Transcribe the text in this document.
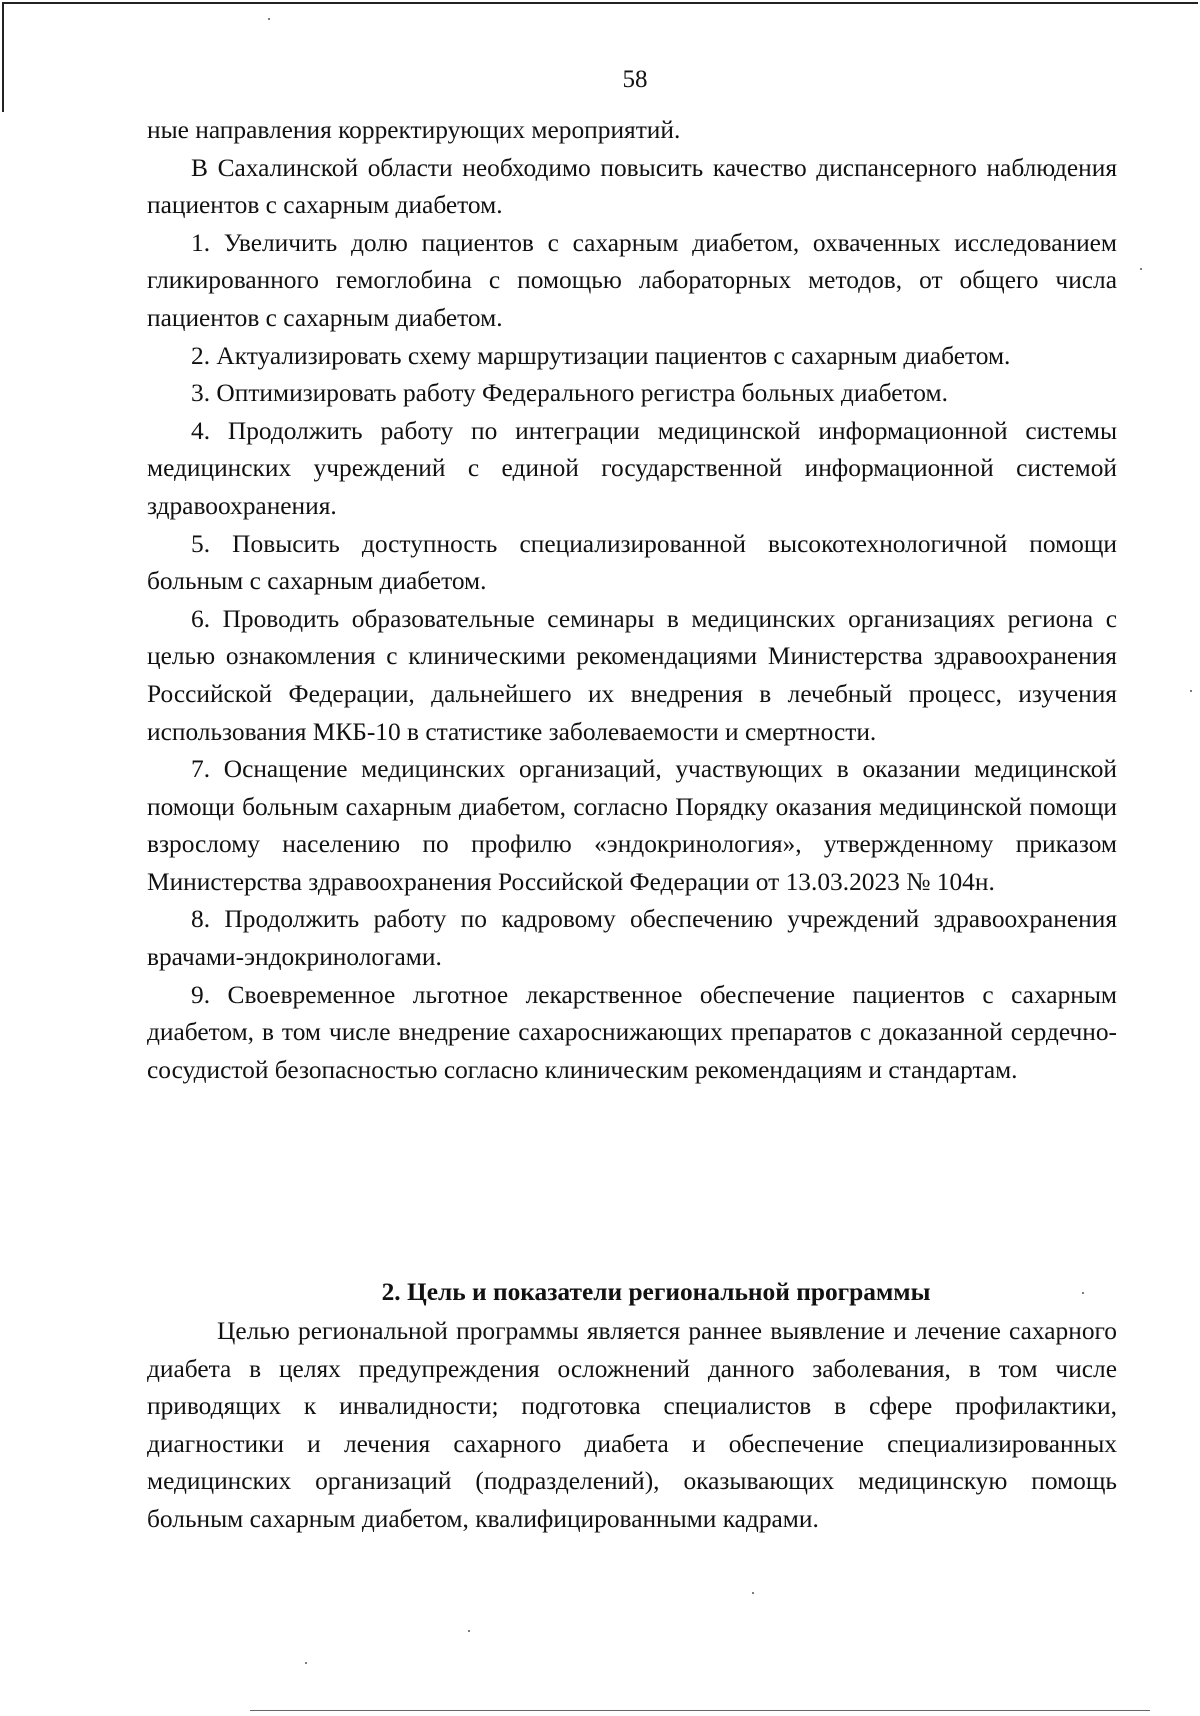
58

ные направления корректирующих мероприятий.

В Сахалинской области необходимо повысить качество диспансерного наблюдения пациентов с сахарным диабетом.

1. Увеличить долю пациентов с сахарным диабетом, охваченных исследованием гликированного гемоглобина с помощью лабораторных методов, от общего числа пациентов с сахарным диабетом.

2. Актуализировать схему маршрутизации пациентов с сахарным диабетом.

3. Оптимизировать работу Федерального регистра больных диабетом.

4. Продолжить работу по интеграции медицинской информационной системы медицинских учреждений с единой государственной информационной системой здравоохранения.

5. Повысить доступность специализированной высокотехнологичной помощи больным с сахарным диабетом.

6. Проводить образовательные семинары в медицинских организациях региона с целью ознакомления с клиническими рекомендациями Министерства здравоохранения Российской Федерации, дальнейшего их внедрения в лечебный процесс, изучения использования МКБ-10 в статистике заболеваемости и смертности.

7. Оснащение медицинских организаций, участвующих в оказании медицинской помощи больным сахарным диабетом, согласно Порядку оказания медицинской помощи взрослому населению по профилю «эндокринология», утвержденному приказом Министерства здравоохранения Российской Федерации от 13.03.2023 № 104н.

8. Продолжить работу по кадровому обеспечению учреждений здравоохранения врачами-эндокринологами.

9. Своевременное льготное лекарственное обеспечение пациентов с сахарным диабетом, в том числе внедрение сахароснижающих препаратов с доказанной сердечно-сосудистой безопасностью согласно клиническим рекомендациям и стандартам.

2. Цель и показатели региональной программы

Целью региональной программы является раннее выявление и лечение сахарного диабета в целях предупреждения осложнений данного заболевания, в том числе приводящих к инвалидности; подготовка специалистов в сфере профилактики, диагностики и лечения сахарного диабета и обеспечение специализированных медицинских организаций (подразделений), оказывающих медицинскую помощь больным сахарным диабетом, квалифицированными кадрами.
